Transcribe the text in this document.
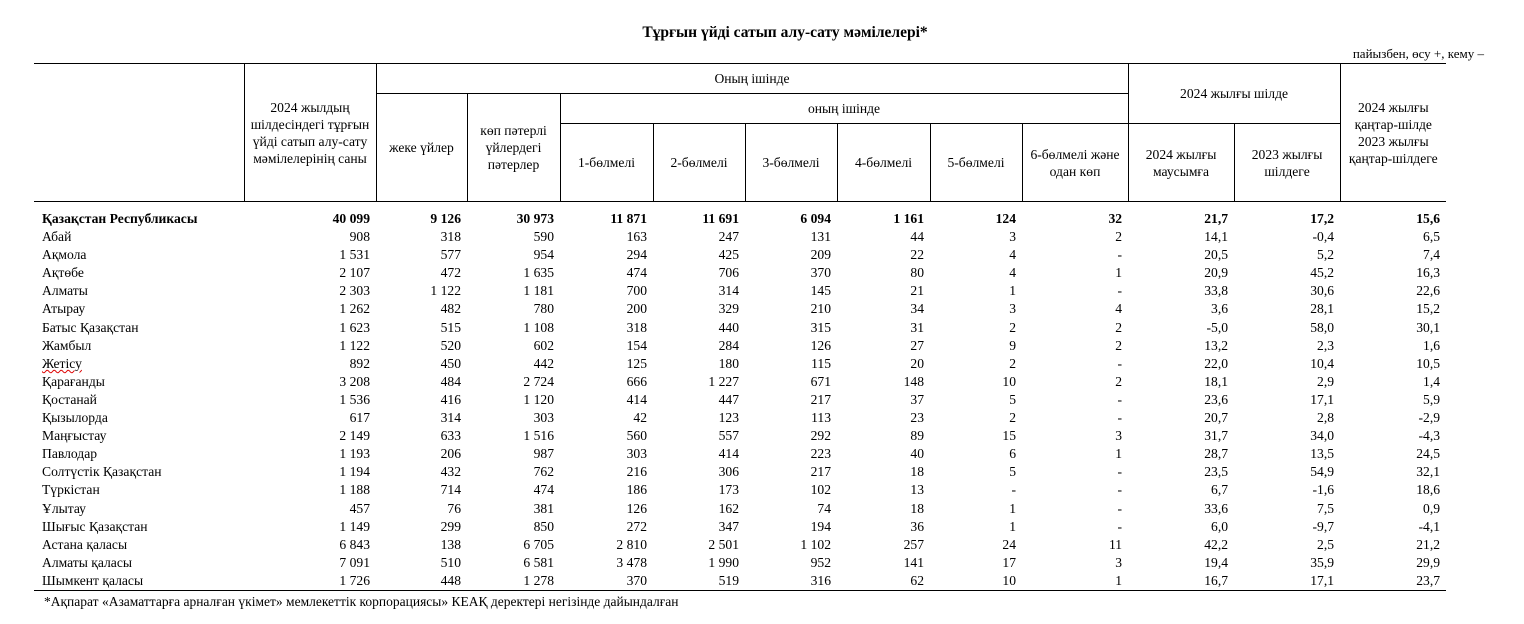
Тұрғын үйді сатып алу-сату мәмілелері*
пайызбен, өсу +, кему –
	2024 жылдың шілдесіндегі тұрғын үйді сатып алу-сату мәмілелерінің саны	Оның ішінде								2024 жылғы шілде		2024 жылғы қаңтар-шілде 2023 жылғы қаңтар-шілдеге
		жеке үйлер	көп пәтерлі үйлердегі пәтерлер	оның ішінде								
				1-бөлмелі	2-бөлмелі	3-бөлмелі	4-бөлмелі	5-бөлмелі	6-бөлмелі және одан көп	2024 жылғы маусымға	2023 жылғы шілдеге	

Қазақстан Республикасы	40 099	9 126	30 973	11 871	11 691	6 094	1 161	124	32	21,7	17,2	15,6
Абай	908	318	590	163	247	131	44	3	2	14,1	-0,4	6,5
Ақмола	1 531	577	954	294	425	209	22	4	-	20,5	5,2	7,4
Ақтөбе	2 107	472	1 635	474	706	370	80	4	1	20,9	45,2	16,3
Алматы	2 303	1 122	1 181	700	314	145	21	1	-	33,8	30,6	22,6
Атырау	1 262	482	780	200	329	210	34	3	4	3,6	28,1	15,2
Батыс Қазақстан	1 623	515	1 108	318	440	315	31	2	2	-5,0	58,0	30,1
Жамбыл	1 122	520	602	154	284	126	27	9	2	13,2	2,3	1,6
Жетісу	892	450	442	125	180	115	20	2	-	22,0	10,4	10,5
Қарағанды	3 208	484	2 724	666	1 227	671	148	10	2	18,1	2,9	1,4
Қостанай	1 536	416	1 120	414	447	217	37	5	-	23,6	17,1	5,9
Қызылорда	617	314	303	42	123	113	23	2	-	20,7	2,8	-2,9
Маңғыстау	2 149	633	1 516	560	557	292	89	15	3	31,7	34,0	-4,3
Павлодар	1 193	206	987	303	414	223	40	6	1	28,7	13,5	24,5
Солтүстік Қазақстан	1 194	432	762	216	306	217	18	5	-	23,5	54,9	32,1
Түркістан	1 188	714	474	186	173	102	13	-	-	6,7	-1,6	18,6
Ұлытау	457	76	381	126	162	74	18	1	-	33,6	7,5	0,9
Шығыс Қазақстан	1 149	299	850	272	347	194	36	1	-	6,0	-9,7	-4,1
Астана қаласы	6 843	138	6 705	2 810	2 501	1 102	257	24	11	42,2	2,5	21,2
Алматы қаласы	7 091	510	6 581	3 478	1 990	952	141	17	3	19,4	35,9	29,9
Шымкент қаласы	1 726	448	1 278	370	519	316	62	10	1	16,7	17,1	23,7
*Ақпарат «Азаматтарға арналған үкімет» мемлекеттік корпорациясы» КЕАҚ деректері негізінде дайындалған
